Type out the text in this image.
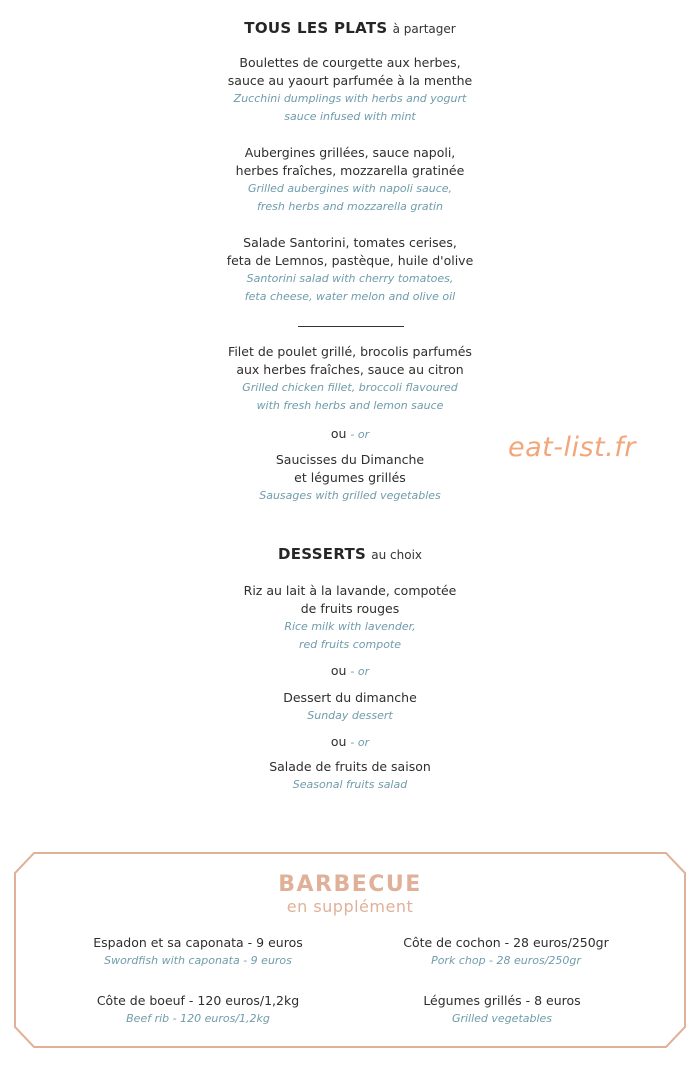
TOUS LES PLATS à partager
Boulettes de courgette aux herbes,
sauce au yaourt parfumée à la menthe
Zucchini dumplings with herbs and yogurt
sauce infused with mint
Aubergines grillées, sauce napoli,
herbes fraîches, mozzarella gratinée
Grilled aubergines with napoli sauce,
fresh herbs and mozzarella gratin
Salade Santorini, tomates cerises,
feta de Lemnos, pastèque, huile d'olive
Santorini salad with cherry tomatoes,
feta cheese, water melon and olive oil
Filet de poulet grillé, brocolis parfumés
aux herbes fraîches, sauce au citron
Grilled chicken fillet, broccoli flavoured
with fresh herbs and lemon sauce
ou - or
Saucisses du Dimanche
et légumes grillés
Sausages with grilled vegetables
eat-list.fr
DESSERTS au choix
Riz au lait à la lavande, compotée
de fruits rouges
Rice milk with lavender,
red fruits compote
ou - or
Dessert du dimanche
Sunday dessert
ou - or
Salade de fruits de saison
Seasonal fruits salad
BARBECUE
en supplément
Espadon et sa caponata - 9 euros
Swordfish with caponata - 9 euros
Côte de cochon - 28 euros/250gr
Pork chop - 28 euros/250gr
Côte de boeuf - 120 euros/1,2kg
Beef rib - 120 euros/1,2kg
Légumes grillés - 8 euros
Grilled vegetables
